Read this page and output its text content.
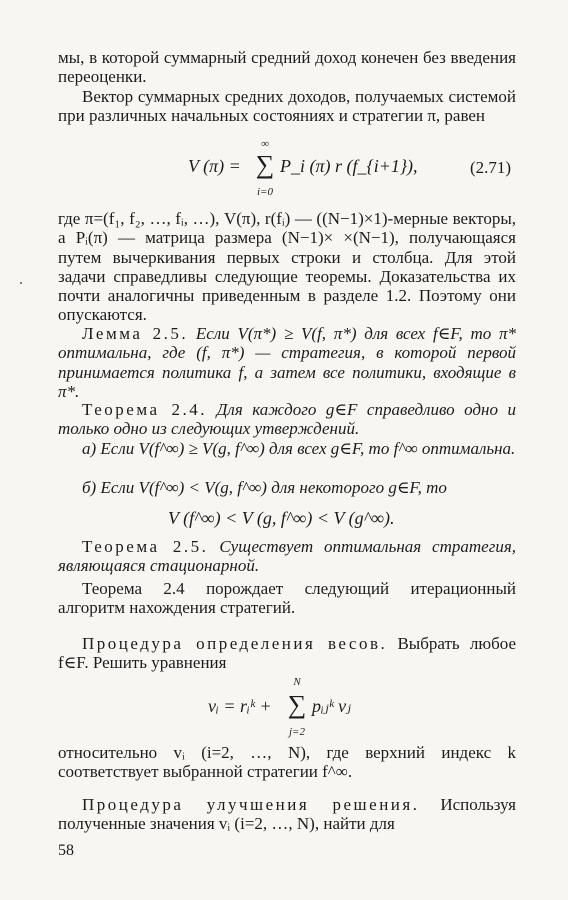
мы, в которой суммарный средний доход конечен без введения переоценки.

Вектор суммарных средних доходов, получаемых системой при различных начальных состояниях и стратегии π, равен

V (π) =
∞
∑
i=0
P_i (π) r (f_{i+1}),	(2.71)

где π=(f₁, f₂, …, fᵢ, …), V(π), r(fᵢ) — ((N−1)×1)-мерные векторы, а Pᵢ(π) — матрица размера (N−1)× ×(N−1), получающаяся путем вычеркивания первых строки и столбца. Для этой задачи справедливы следующие теоремы. Доказательства их почти аналогичны приведенным в разделе 1.2. Поэтому они опускаются.

Лемма 2.5. Если V(π*) ≥ V(f, π*) для всех f∈F, то π* оптимальна, где (f, π*) — стратегия, в которой первой принимается политика f, а затем все политики, входящие в π*.

Теорема 2.4. Для каждого g∈F справедливо одно и только одно из следующих утверждений.

а) Если V(f^∞) ≥ V(g, f^∞) для всех g∈F, то f^∞ оптимальна.

б) Если V(f^∞) < V(g, f^∞) для некоторого g∈F, то

V (f^∞) < V (g, f^∞) < V (g^∞).

Теорема 2.5. Существует оптимальная стратегия, являющаяся стационарной.

Теорема 2.4 порождает следующий итерационный алгоритм нахождения стратегий.

Процедура определения весов. Выбрать любое f∈F. Решить уравнения

vᵢ = rᵢᵏ +
N
∑
j=2
pᵢⱼᵏ vⱼ

относительно vᵢ (i=2, …, N), где верхний индекс k соответствует выбранной стратегии f^∞.

Процедура улучшения решения. Используя полученные значения vᵢ (i=2, …, N), найти для

58
